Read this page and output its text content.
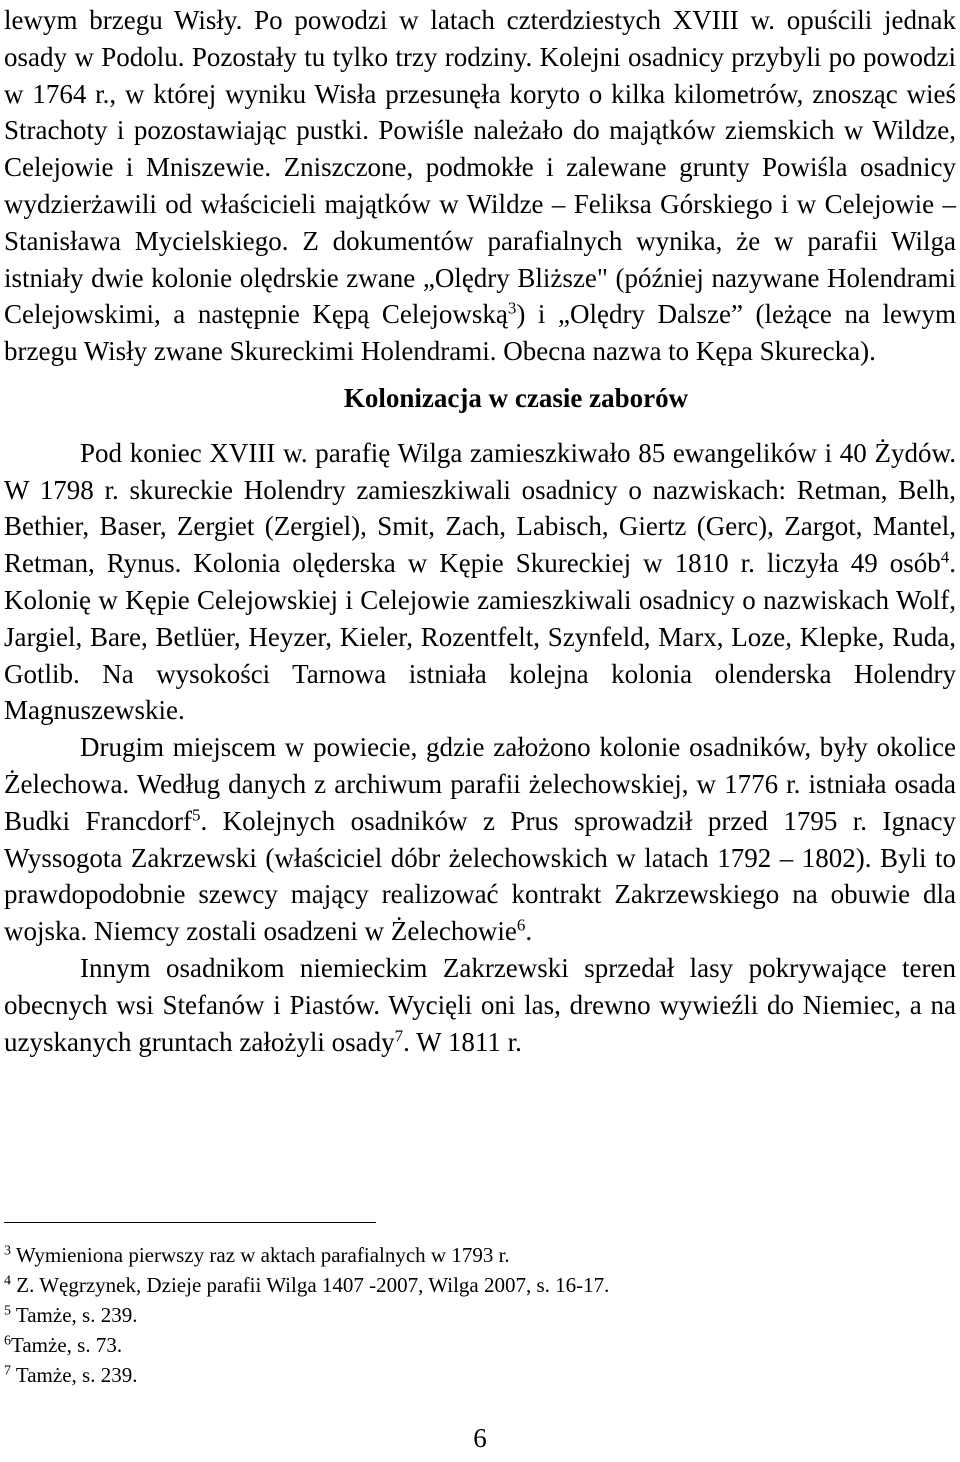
lewym brzegu Wisły. Po powodzi w latach czterdziestych XVIII w. opuścili jednak osady w Podolu. Pozostały tu tylko trzy rodziny. Kolejni osadnicy przybyli po powodzi w 1764 r., w której wyniku Wisła przesunęła koryto o kilka kilometrów, znosząc wieś Strachoty i pozostawiając pustki. Powiśle należało do majątków ziemskich w Wildze, Celejowie i Mniszewie. Zniszczone, podmokłe i zalewane grunty Powiśla osadnicy wydzierżawili od właścicieli majątków w Wildze – Feliksa Górskiego i w Celejowie – Stanisława Mycielskiego. Z dokumentów parafialnych wynika, że w parafii Wilga istniały dwie kolonie olędrskie zwane „Olędry Bliższe" (później nazywane Holendrami Celejowskimi, a następnie Kępą Celejowską$^3$) i „Olędry Dalsze” (leżące na lewym brzegu Wisły zwane Skureckimi Holendrami. Obecna nazwa to Kępa Skurecka).

Kolonizacja w czasie zaborów

Pod koniec XVIII w. parafię Wilga zamieszkiwało 85 ewangelików i 40 Żydów. W 1798 r. skureckie Holendry zamieszkiwali osadnicy o nazwiskach: Retman, Belh, Bethier, Baser, Zergiet (Zergiel), Smit, Zach, Labisch, Giertz (Gerc), Zargot, Mantel, Retman, Rynus. Kolonia olęderska w Kępie Skureckiej w 1810 r. liczyła 49 osób$^4$. Kolonię w Kępie Celejowskiej i Celejowie zamieszkiwali osadnicy o nazwiskach Wolf, Jargiel, Bare, Betlüer, Heyzer, Kieler, Rozentfelt, Szynfeld, Marx, Loze, Klepke, Ruda, Gotlib. Na wysokości Tarnowa istniała kolejna kolonia olenderska Holendry Magnuszewskie.

Drugim miejscem w powiecie, gdzie założono kolonie osadników, były okolice Żelechowa. Według danych z archiwum parafii żelechowskiej, w 1776 r. istniała osada Budki Francdorf$^5$. Kolejnych osadników z Prus sprowadził przed 1795 r. Ignacy Wyssogota Zakrzewski (właściciel dóbr żelechowskich w latach 1792 – 1802). Byli to prawdopodobnie szewcy mający realizować kontrakt Zakrzewskiego na obuwie dla wojska. Niemcy zostali osadzeni w Żelechowie$^6$.

Innym osadnikom niemieckim Zakrzewski sprzedał lasy pokrywające teren obecnych wsi Stefanów i Piastów. Wycięli oni las, drewno wywieźli do Niemiec, a na uzyskanych gruntach założyli osady$^7$. W 1811 r.

$^3$ Wymieniona pierwszy raz w aktach parafialnych w 1793 r.

$^4$ Z. Węgrzynek, Dzieje parafii Wilga 1407 -2007, Wilga 2007, s. 16-17.

$^5$ Tamże, s. 239.

$^6$Tamże, s. 73.

$^7$ Tamże, s. 239.

6
